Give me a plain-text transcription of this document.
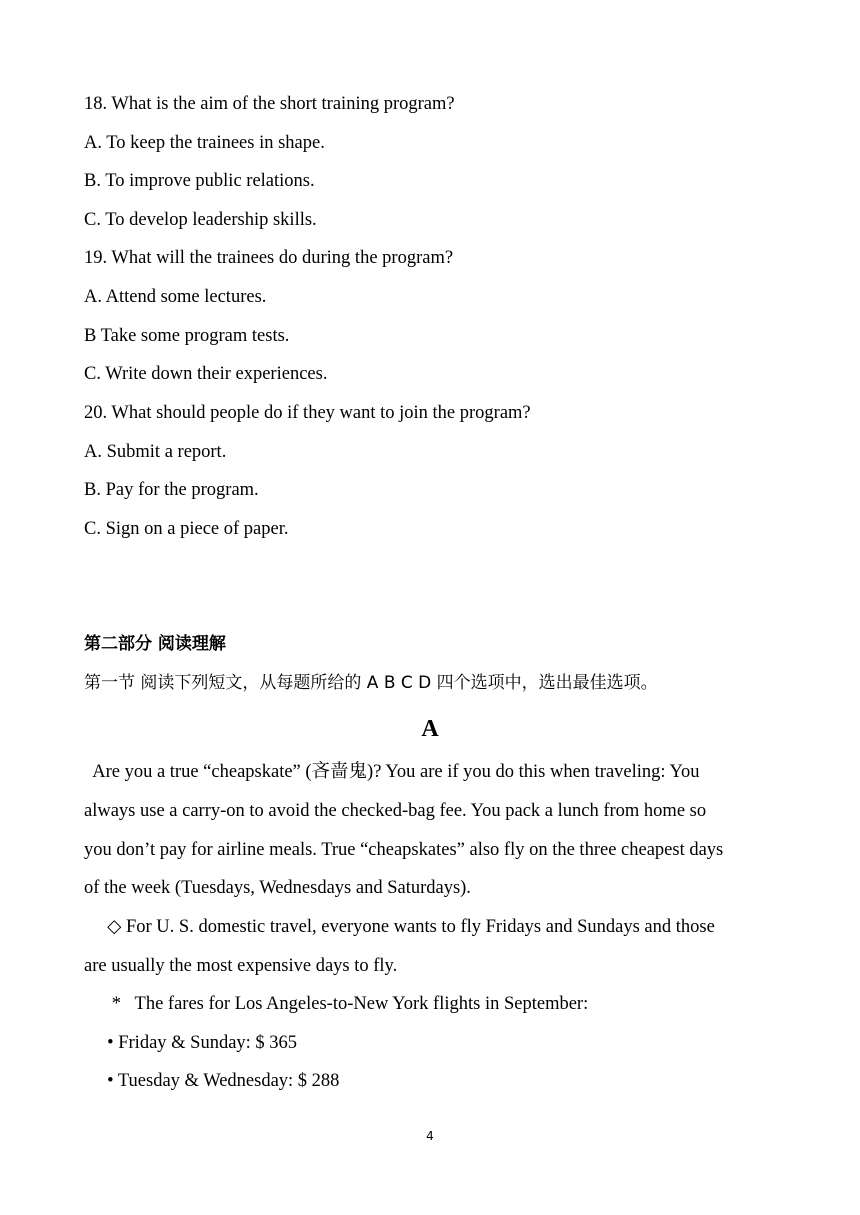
18. What is the aim of the short training program?

A. To keep the trainees in shape.

B. To improve public relations.

C. To develop leadership skills.

19. What will the trainees do during the program?

A. Attend some lectures.

B Take some program tests.

C. Write down their experiences.

20. What should people do if they want to join the program?

A. Submit a report.

B. Pay for the program.

C. Sign on a piece of paper.

第二部分 阅读理解

第一节 阅读下列短文，从每题所给的 A B C D 四个选项中，选出最佳选项。

A

Are you a true “cheapskate” (吝啬鬼)? You are if you do this when traveling: You

always use a carry-on to avoid the checked-bag fee. You pack a lunch from home so

you don’t pay for airline meals. True “cheapskates” also fly on the three cheapest days

of the week (Tuesdays, Wednesdays and Saturdays).

◇ For U. S. domestic travel, everyone wants to fly Fridays and Sundays and those

are usually the most expensive days to fly.

*   The fares for Los Angeles-to-New York flights in September:

• Friday & Sunday: $ 365

• Tuesday & Wednesday: $ 288

4
